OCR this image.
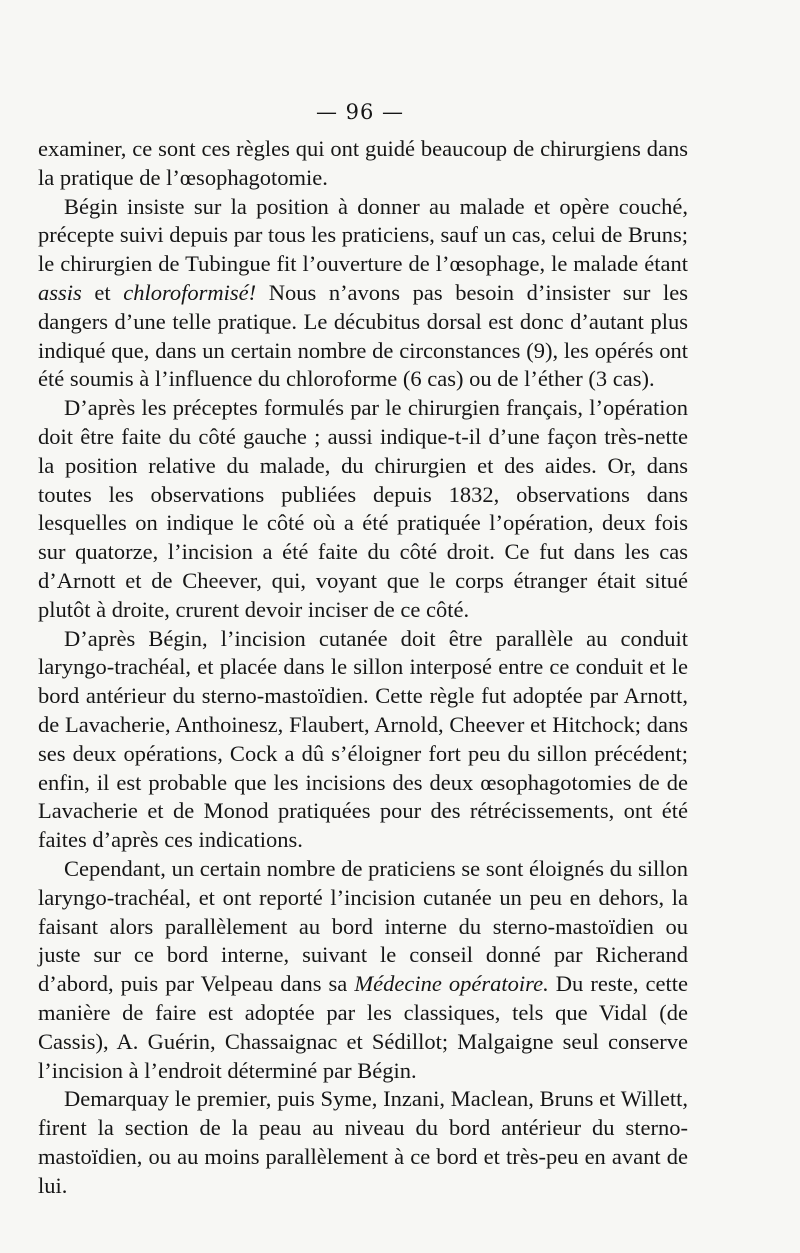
— 96 —

examiner, ce sont ces règles qui ont guidé beaucoup de chirurgiens dans la pratique de l’œsophagotomie.

Bégin insiste sur la position à donner au malade et opère couché, précepte suivi depuis par tous les praticiens, sauf un cas, celui de Bruns; le chirurgien de Tubingue fit l’ouverture de l’œsophage, le malade étant assis et chloroformisé! Nous n’avons pas besoin d’insister sur les dangers d’une telle pratique. Le décubitus dorsal est donc d’autant plus indiqué que, dans un certain nombre de circonstances (9), les opérés ont été soumis à l’influence du chloroforme (6 cas) ou de l’éther (3 cas).

D’après les préceptes formulés par le chirurgien français, l’opération doit être faite du côté gauche ; aussi indique-t-il d’une façon très-nette la position relative du malade, du chirurgien et des aides. Or, dans toutes les observations publiées depuis 1832, observations dans lesquelles on indique le côté où a été pratiquée l’opération, deux fois sur quatorze, l’incision a été faite du côté droit. Ce fut dans les cas d’Arnott et de Cheever, qui, voyant que le corps étranger était situé plutôt à droite, crurent devoir inciser de ce côté.

D’après Bégin, l’incision cutanée doit être parallèle au conduit laryngo-trachéal, et placée dans le sillon interposé entre ce conduit et le bord antérieur du sterno-mastoïdien. Cette règle fut adoptée par Arnott, de Lavacherie, Anthoinesz, Flaubert, Arnold, Cheever et Hitchock; dans ses deux opérations, Cock a dû s’éloigner fort peu du sillon précédent; enfin, il est probable que les incisions des deux œsophagotomies de de Lavacherie et de Monod pratiquées pour des rétrécissements, ont été faites d’après ces indications.

Cependant, un certain nombre de praticiens se sont éloignés du sillon laryngo-trachéal, et ont reporté l’incision cutanée un peu en dehors, la faisant alors parallèlement au bord interne du sterno-mastoïdien ou juste sur ce bord interne, suivant le conseil donné par Richerand d’abord, puis par Velpeau dans sa Médecine opératoire. Du reste, cette manière de faire est adoptée par les classiques, tels que Vidal (de Cassis), A. Guérin, Chassaignac et Sédillot; Malgaigne seul conserve l’incision à l’endroit déterminé par Bégin.

Demarquay le premier, puis Syme, Inzani, Maclean, Bruns et Willett, firent la section de la peau au niveau du bord antérieur du sterno-mastoïdien, ou au moins parallèlement à ce bord et très-peu en avant de lui.
